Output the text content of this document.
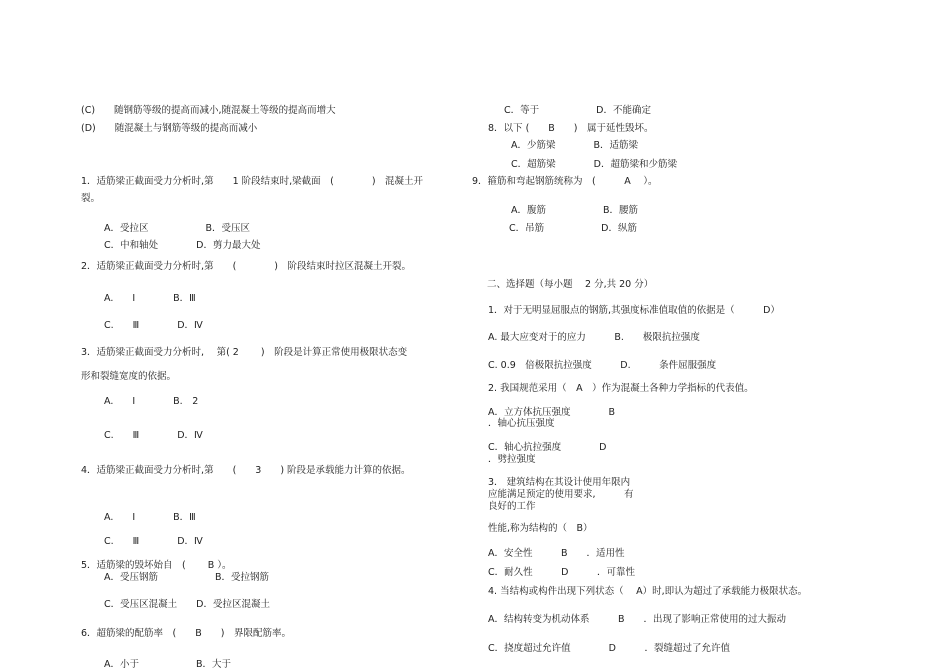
(C)　　随钢筋等级的提高而减小,随混凝土等级的提高而增大
(D)　　随混凝土与钢筋等级的提高而减小
1．适筋梁正截面受力分析时,第　　1 阶段结束时,梁截面　(　　　　)　混凝土开
裂。
A．受拉区　　　　　　B．受压区
C．中和轴处　　　　D．剪力最大处
2．适筋梁正截面受力分析时,第　　(　　　　)　阶段结束时拉区混凝土开裂。
A.　　Ⅰ　　　　B．Ⅲ
C.　　Ⅲ　　　　D．Ⅳ
3．适筋梁正截面受力分析时,　 第( 2　　 )　阶段是计算正常使用极限状态变
形和裂缝宽度的依据。
A.　　Ⅰ　　　　B.　2
C.　　Ⅲ　　　　D．Ⅳ
4．适筋梁正截面受力分析时,第　　(　　3　　) 阶段是承载能力计算的依据。
A.　　Ⅰ　　　　B．Ⅲ
C.　　Ⅲ　　　　D．Ⅳ
5．适筋梁的毁坏始自　(　　 B ）。
A．受压钢筋　　　　　　B．受拉钢筋
C．受压区混凝土　　D．受拉区混凝土
6．超筋梁的配筋率　(　　B　　)　界限配筋率。
A．小于　　　　　　B．大于
C．等于　　　　　　D．不能确定
8．以下 (　　B　　)　属于延性毁坏。
A．少筋梁　　　　B．适筋梁
C．超筋梁　　　　D．超筋梁和少筋梁
9．箍筋和弯起钢筋统称为　(　　　A　 ）。
A．腹筋　　　　　　B．腰筋
C．吊筋　　　　　　D．纵筋
二、选择题（每小题　 2 分,共 20 分）
1．对于无明显屈服点的钢筋,其强度标准值取值的依据是（　　　D）
A. 最大应变对于的应力　　　B.　　极限抗拉强度
C. 0.9　倍极限抗拉强度　　　D.　　　条件屈服强度
2. 我国规范采用（　A　）作为混凝土各种力学指标的代表值。
A．立方体抗压强度　　　　B
．轴心抗压强度
C．轴心抗拉强度　　　　D
．劈拉强度
3． 建筑结构在其设计使用年限内
应能满足预定的使用要求,　　　有
良好的工作
性能,称为结构的（　B）
A．安全性　　　B　　．适用性
C．耐久性　　　D　　　．可靠性
4. 当结构或构件出现下列状态（　 A）时,即认为超过了承载能力极限状态。
A．结构转变为机动体系　　　B　　．出现了影响正常使用的过大振动
C．挠度超过允许值　　　　D　　　．裂缝超过了允许值
